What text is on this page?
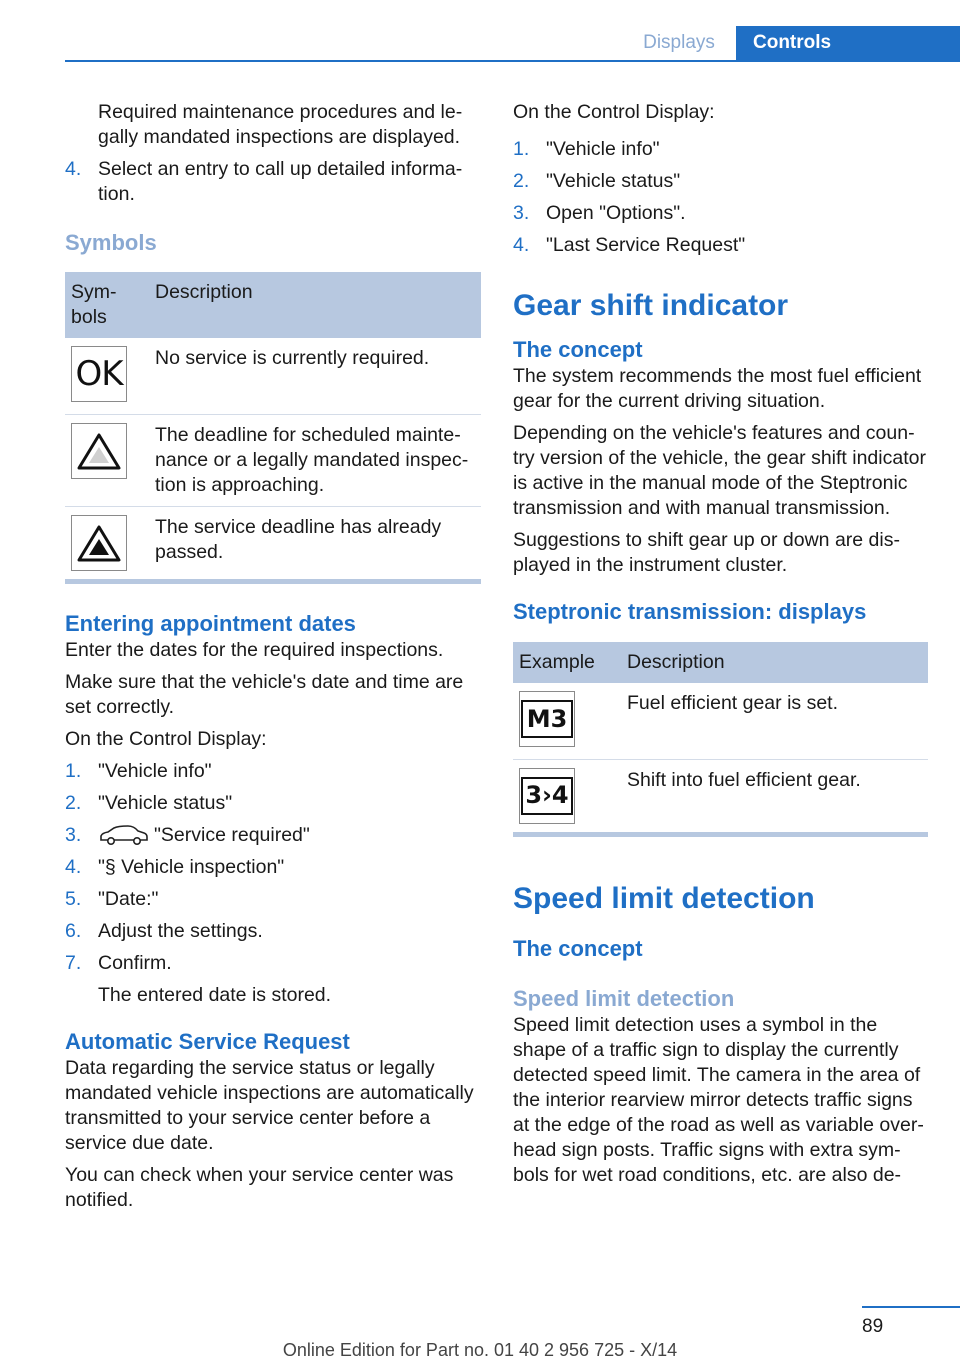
Displays	Controls

Required maintenance procedures and legally mandated inspections are displayed.

4. Select an entry to call up detailed information.
Symbols
Symbols	Description

OK	No service is currently required.

	The deadline for scheduled maintenance or a legally mandated inspection is approaching.

	The service deadline has already passed.
Entering appointment dates

Enter the dates for the required inspections.

Make sure that the vehicle's date and time are set correctly.

On the Control Display:

1. "Vehicle info"
2. "Vehicle status"
3.	"Service required"
4. "§ Vehicle inspection"
5. "Date:"
6. Adjust the settings.
7. Confirm.

The entered date is stored.

Automatic Service Request

Data regarding the service status or legally mandated vehicle inspections are automatically transmitted to your service center before a service due date.

You can check when your service center was notified.

On the Control Display:

1. "Vehicle info"
2. "Vehicle status"
3. Open "Options".
4. "Last Service Request"
Gear shift indicator
The concept

The system recommends the most fuel efficient gear for the current driving situation.

Depending on the vehicle's features and country version of the vehicle, the gear shift indicator is active in the manual mode of the Steptronic transmission and with manual transmission.

Suggestions to shift gear up or down are displayed in the instrument cluster.

Steptronic transmission: displays
Example	Description

M3	Fuel efficient gear is set.

3›4	Shift into fuel efficient gear.
Speed limit detection
The concept
Speed limit detection

Speed limit detection uses a symbol in the shape of a traffic sign to display the currently detected speed limit. The camera in the area of the interior rearview mirror detects traffic signs at the edge of the road as well as variable overhead sign posts. Traffic signs with extra symbols for wet road conditions, etc. are also de-

89
Online Edition for Part no. 01 40 2 956 725 - X/14
